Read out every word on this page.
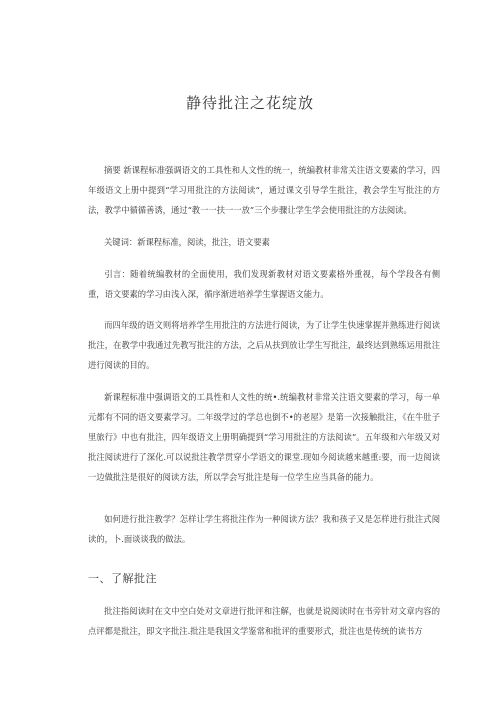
静待批注之花绽放
摘要 新课程标准强调语文的工具性和人文性的统一，统编教材非常关注语文要素的学习，四年级语文上册中提到“学习用批注的方法阅读“，通过课文引导学生批注，教会学生写批注的方法，教学中循循善诱，通过“教一一扶一一放”三个步骤让学生学会使用批注的方法阅读。
关键词：新课程标准，阅读，批注，语文要素
引言：随着统编教材的全面使用，我们发现新教材对语文要素格外重视，每个学段各有侧重，语文要素的学习由浅入深，循序渐进培养学生掌握语文能力。
而四年级的语文则将培养学生用批注的方法进行阅读，为了让学生快速掌握并熟练进行阅读批注，在教学中我通过先教写批注的方法，之后从扶到放让学生写批注，最终达到熟练运用批注进行阅读的目的。
新课程标准中强调语文的工具性和人文性的统•.统编教材非常关注语文要素的学习，每一单元都有不同的语文要素学习。二年级学过的学总也倒不•的老屋》是第一次接触批注，《在牛肚子里旅行》中也有批注，四年级语文上册明确提到“学习用批注的方法阅读”。五年级和六年级又对批注阅读进行了深化.可以说批注教学贯穿小学语文的课堂.现如今阅读越来越重:要，而一边阅读一边做批注是很好的阅读方法，所以学会写批注是每一位学生应当具备的能力。
如何进行批注教学？怎样让学生将批注作为一种阅读方法？我和孩子又是怎样进行批注式阅读的，卜.面谈谈我的做法。
一、了解批注
批注指阅读时在文中空白处对文章进行批评和注解，也就是说阅读时在书旁针对文章内容的点评都是批注，即文字批注.批注是我国文学鉴常和批评的重要形式，批注也是传统的读书方
